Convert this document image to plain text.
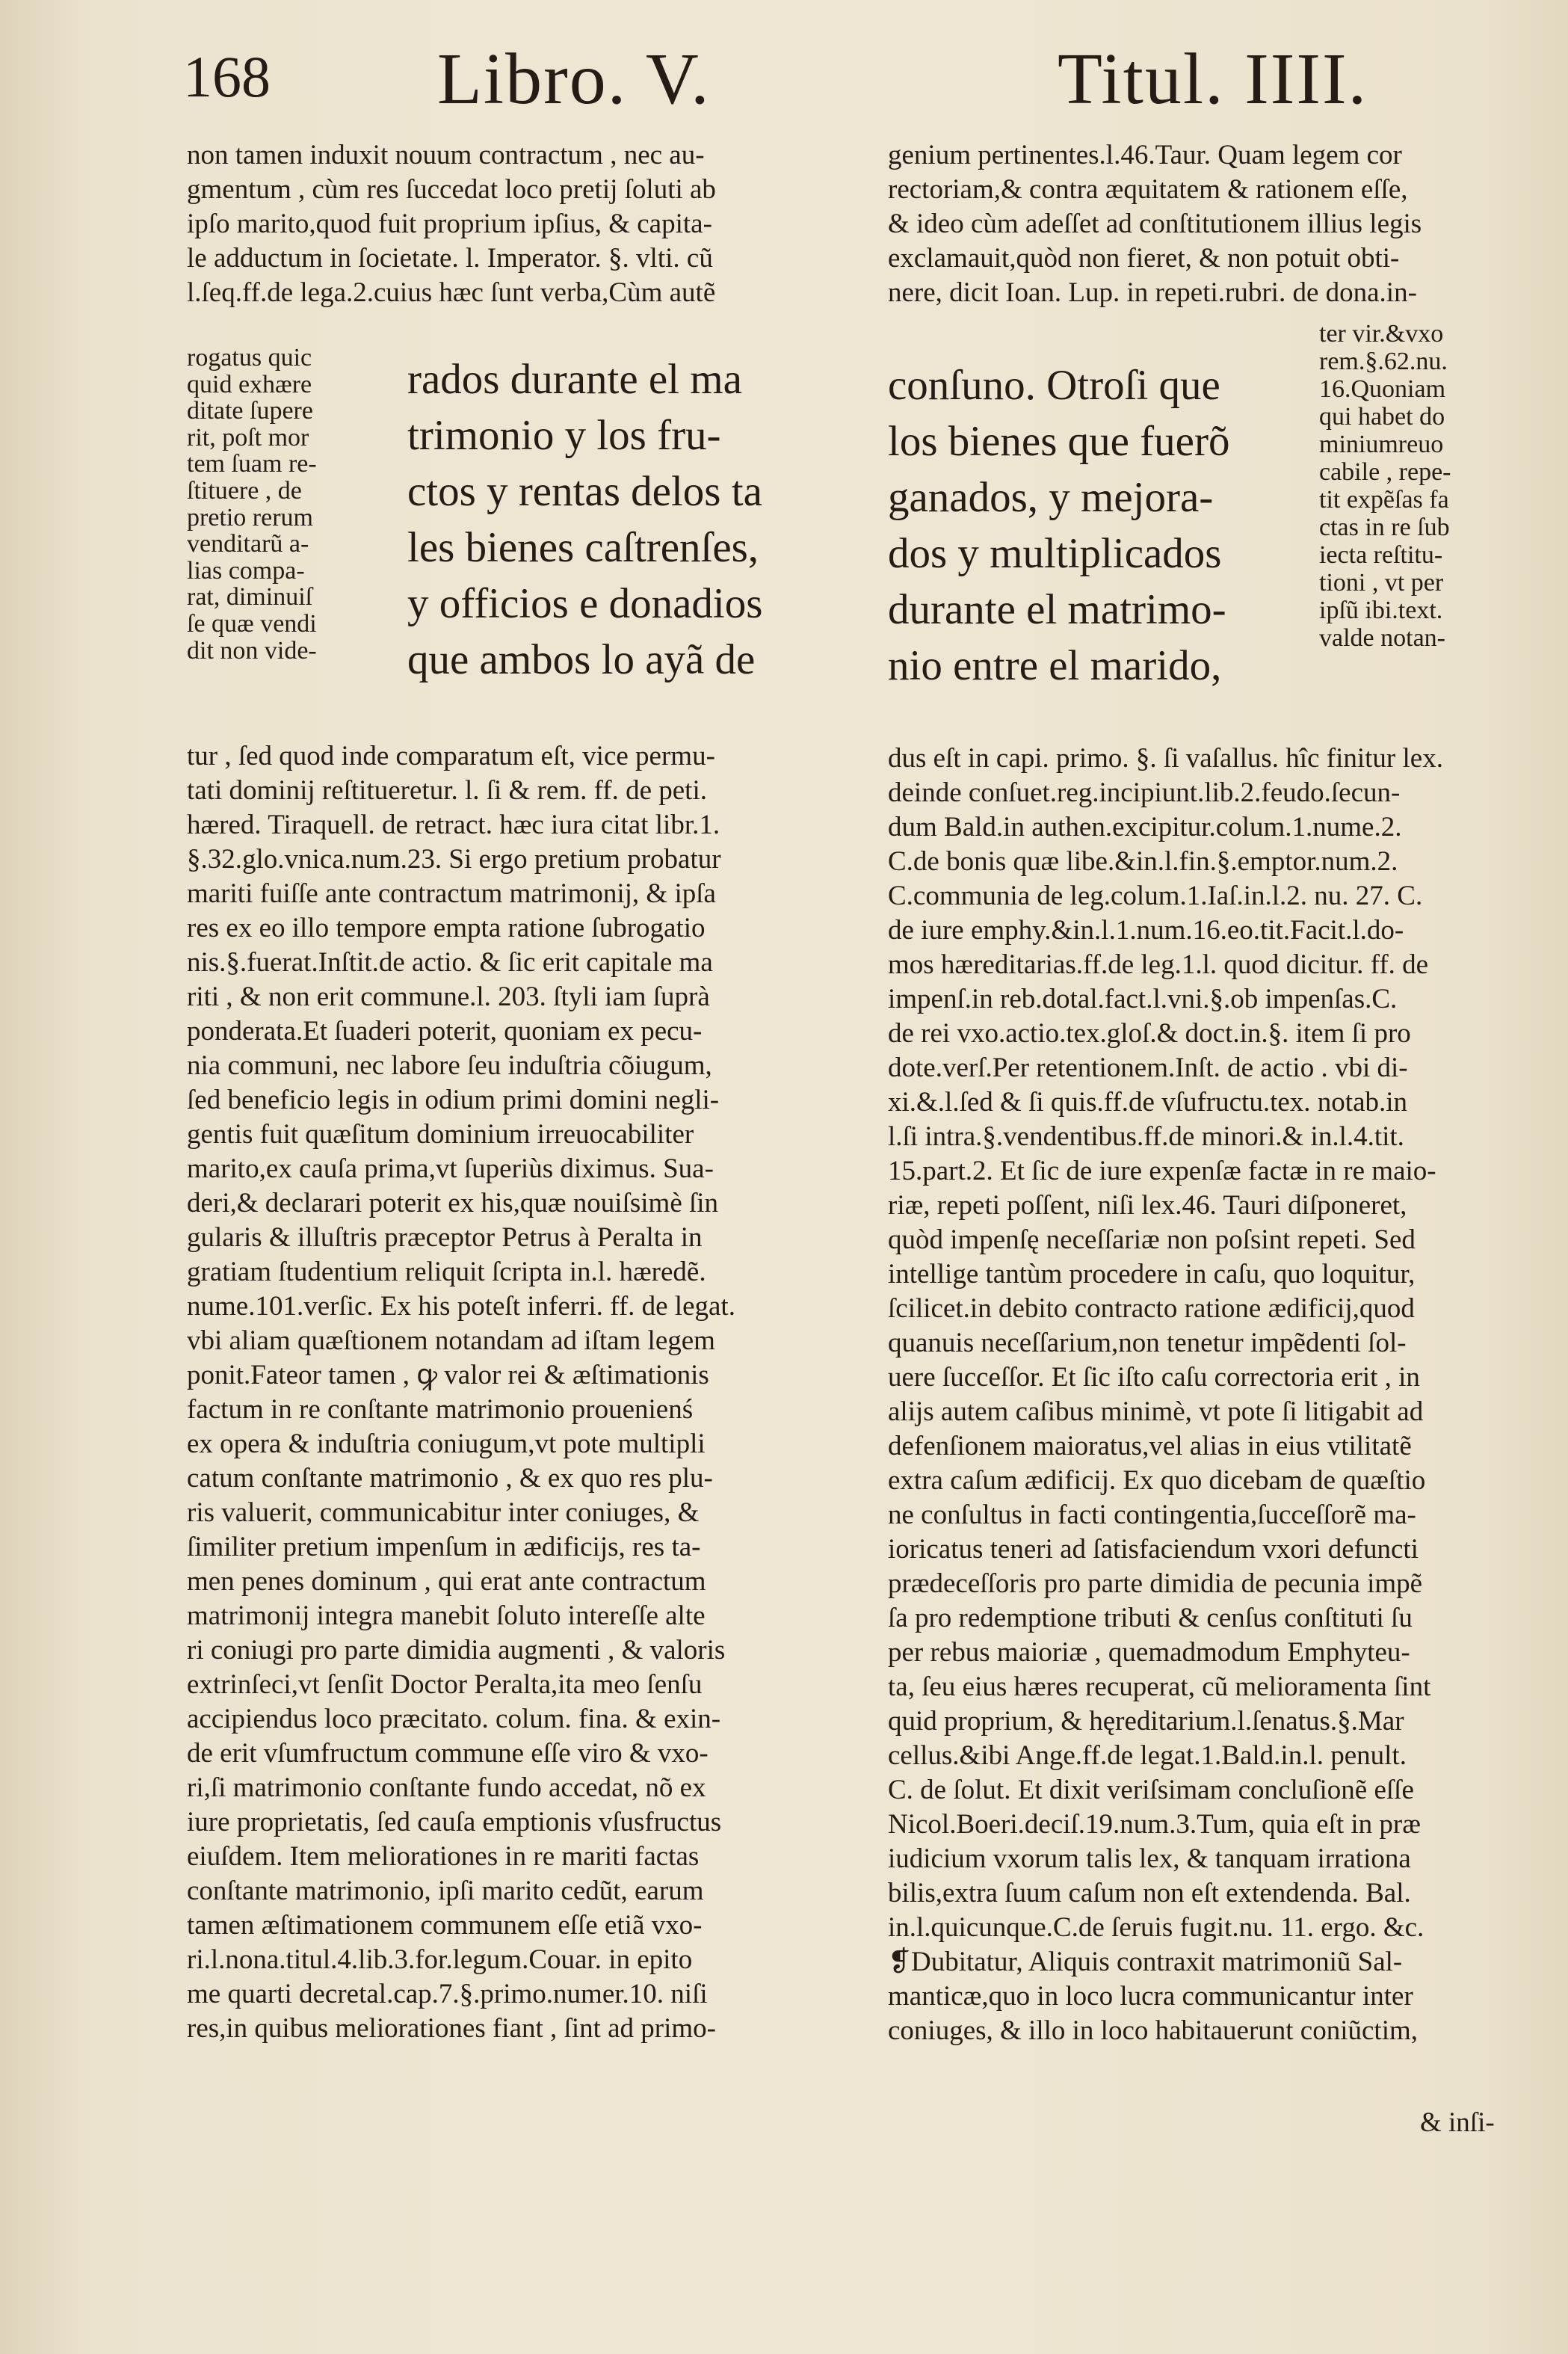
168 Libro. V.	Titul. IIII.
non tamen induxit nouum contractum , nec au-
gmentum , cùm res ſuccedat loco pretij ſoluti ab
ipſo marito,quod fuit proprium ipſius, & capita-
le adductum in ſocietate. l. Imperator. §. vlti. cũ
l.ſeq.ff.de lega.2.cuius hæc ſunt verba,Cùm autẽ
rogatus quic
quid exhære
ditate ſupere
rit, poſt mor
tem ſuam re-
ſtituere , de
pretio rerum
venditarũ a-
lias compa-
rat, diminuiſ
ſe quæ vendi
dit non vide-
rados durante el ma
trimonio y los fru-
ctos y rentas delos ta
les bienes caſtrenſes,
y officios e donadios
que ambos lo ayã de
tur , ſed quod inde comparatum eſt, vice permu-
tati dominij reſtitueretur. l. ſi & rem. ff. de peti.
hæred. Tiraquell. de retract. hæc iura citat libr.1.
§.32.glo.vnica.num.23. Si ergo pretium probatur
mariti fuiſſe ante contractum matrimonij, & ipſa
res ex eo illo tempore empta ratione ſubrogatio
nis.§.fuerat.Inſtit.de actio. & ſic erit capitale ma
riti , & non erit commune.l. 203. ſtyli iam ſuprà
ponderata.Et ſuaderi poterit, quoniam ex pecu-
nia communi, nec labore ſeu induſtria cõiugum,
ſed beneficio legis in odium primi domini negli-
gentis fuit quæſitum dominium irreuocabiliter
marito,ex cauſa prima,vt ſuperiùs diximus. Sua-
deri,& declarari poterit ex his,quæ nouiſsimè ſin
gularis & illuſtris præceptor Petrus à Peralta in
gratiam ſtudentium reliquit ſcripta in.l. hæredẽ.
nume.101.verſic. Ex his poteſt inferri. ff. de legat.
vbi aliam quæſtionem notandam ad iſtam legem
ponit.Fateor tamen , ꝙ valor rei & æſtimationis
factum in re conſtante matrimonio prouenienś
ex opera & induſtria coniugum,vt pote multipli
catum conſtante matrimonio , & ex quo res plu-
ris valuerit, communicabitur inter coniuges, &
ſimiliter pretium impenſum in ædificijs, res ta-
men penes dominum , qui erat ante contractum
matrimonij integra manebit ſoluto intereſſe alte
ri coniugi pro parte dimidia augmenti , & valoris
extrinſeci,vt ſenſit Doctor Peralta,ita meo ſenſu
accipiendus loco præcitato. colum. fina. & exin-
de erit vſumfructum commune eſſe viro & vxo-
ri,ſi matrimonio conſtante fundo accedat, nõ ex
iure proprietatis, ſed cauſa emptionis vſusfructus
eiuſdem. Item meliorationes in re mariti factas
conſtante matrimonio, ipſi marito cedũt, earum
tamen æſtimationem communem eſſe etiã vxo-
ri.l.nona.titul.4.lib.3.for.legum.Couar. in epito
me quarti decretal.cap.7.§.primo.numer.10. niſi
res,in quibus meliorationes fiant , ſint ad primo-
genium pertinentes.l.46.Taur. Quam legem cor
rectoriam,& contra æquitatem & rationem eſſe,
& ideo cùm adeſſet ad conſtitutionem illius legis
exclamauit,quòd non fieret, & non potuit obti-
nere, dicit Ioan. Lup. in repeti.rubri. de dona.in-
ter vir.&vxo
rem.§.62.nu.
16.Quoniam
qui habet do
miniumreuo
cabile , repe-
tit expẽſas fa
ctas in re ſub
iecta reſtitu-
tioni , vt per
ipſũ ibi.text.
valde notan-
conſuno. Otroſi que
los bienes que fuerõ
ganados, y mejora-
dos y multiplicados
durante el matrimo-
nio entre el marido,
dus eſt in capi. primo. §. ſi vaſallus. hîc finitur lex.
deinde conſuet.reg.incipiunt.lib.2.feudo.ſecun-
dum Bald.in authen.excipitur.colum.1.nume.2.
C.de bonis quæ libe.&in.l.fin.§.emptor.num.2.
C.communia de leg.colum.1.Iaſ.in.l.2. nu. 27. C.
de iure emphy.&in.l.1.num.16.eo.tit.Facit.l.do-
mos hæreditarias.ff.de leg.1.l. quod dicitur. ff. de
impenſ.in reb.dotal.fact.l.vni.§.ob impenſas.C.
de rei vxo.actio.tex.gloſ.& doct.in.§. item ſi pro
dote.verſ.Per retentionem.Inſt. de actio . vbi di-
xi.&.l.ſed & ſi quis.ff.de vſufructu.tex. notab.in
l.ſi intra.§.vendentibus.ff.de minori.& in.l.4.tit.
15.part.2. Et ſic de iure expenſæ factæ in re maio-
riæ, repeti poſſent, niſi lex.46. Tauri diſponeret,
quòd impenſę neceſſariæ non poſsint repeti. Sed
intellige tantùm procedere in caſu, quo loquitur,
ſcilicet.in debito contracto ratione ædificij,quod
quanuis neceſſarium,non tenetur impẽdenti ſol-
uere ſucceſſor. Et ſic iſto caſu correctoria erit , in
alijs autem caſibus minimè, vt pote ſi litigabit ad
defenſionem maioratus,vel alias in eius vtilitatẽ
extra caſum ædificij. Ex quo dicebam de quæſtio
ne conſultus in facti contingentia,ſucceſſorẽ ma-
ioricatus teneri ad ſatisfaciendum vxori defuncti
prædeceſſoris pro parte dimidia de pecunia impẽ
ſa pro redemptione tributi & cenſus conſtituti ſu
per rebus maioriæ , quemadmodum Emphyteu-
ta, ſeu eius hæres recuperat, cũ melioramenta ſint
quid proprium, & hęreditarium.l.ſenatus.§.Mar
cellus.&ibi Ange.ff.de legat.1.Bald.in.l. penult.
C. de ſolut. Et dixit veriſsimam concluſionẽ eſſe
Nicol.Boeri.deciſ.19.num.3.Tum, quia eſt in præ
iudicium vxorum talis lex, & tanquam irrationa
bilis,extra ſuum caſum non eſt extendenda. Bal.
in.l.quicunque.C.de ſeruis fugit.nu. 11. ergo. &c.
❡Dubitatur, Aliquis contraxit matrimoniũ Sal-
manticæ,quo in loco lucra communicantur inter
coniuges, & illo in loco habitauerunt coniũctim,
& inſi-
